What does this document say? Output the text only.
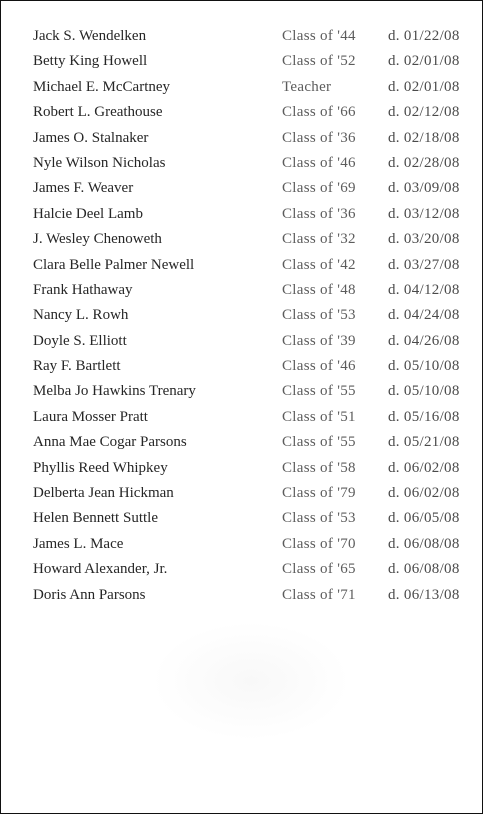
Jack S. Wendelken	Class of '44 d. 01/22/08
Betty King Howell	Class of '52 d. 02/01/08
Michael E. McCartney	Teacher	d. 02/01/08
Robert L. Greathouse	Class of '66 d. 02/12/08
James O. Stalnaker	Class of '36 d. 02/18/08
Nyle Wilson Nicholas	Class of '46 d. 02/28/08
James F. Weaver	Class of '69 d. 03/09/08
Halcie Deel Lamb	Class of '36 d. 03/12/08
J. Wesley Chenoweth	Class of '32 d. 03/20/08
Clara Belle Palmer Newell	Class of '42 d. 03/27/08
Frank Hathaway	Class of '48 d. 04/12/08
Nancy L. Rowh	Class of '53 d. 04/24/08
Doyle S. Elliott	Class of '39 d. 04/26/08
Ray F. Bartlett	Class of '46 d. 05/10/08
Melba Jo Hawkins Trenary	Class of '55 d. 05/10/08
Laura Mosser Pratt	Class of '51 d. 05/16/08
Anna Mae Cogar Parsons	Class of '55 d. 05/21/08
Phyllis Reed Whipkey	Class of '58 d. 06/02/08
Delberta Jean Hickman	Class of '79 d. 06/02/08
Helen Bennett Suttle	Class of '53 d. 06/05/08
James L. Mace	Class of '70 d. 06/08/08
Howard Alexander, Jr.	Class of '65 d. 06/08/08
Doris Ann Parsons	Class of '71 d. 06/13/08
